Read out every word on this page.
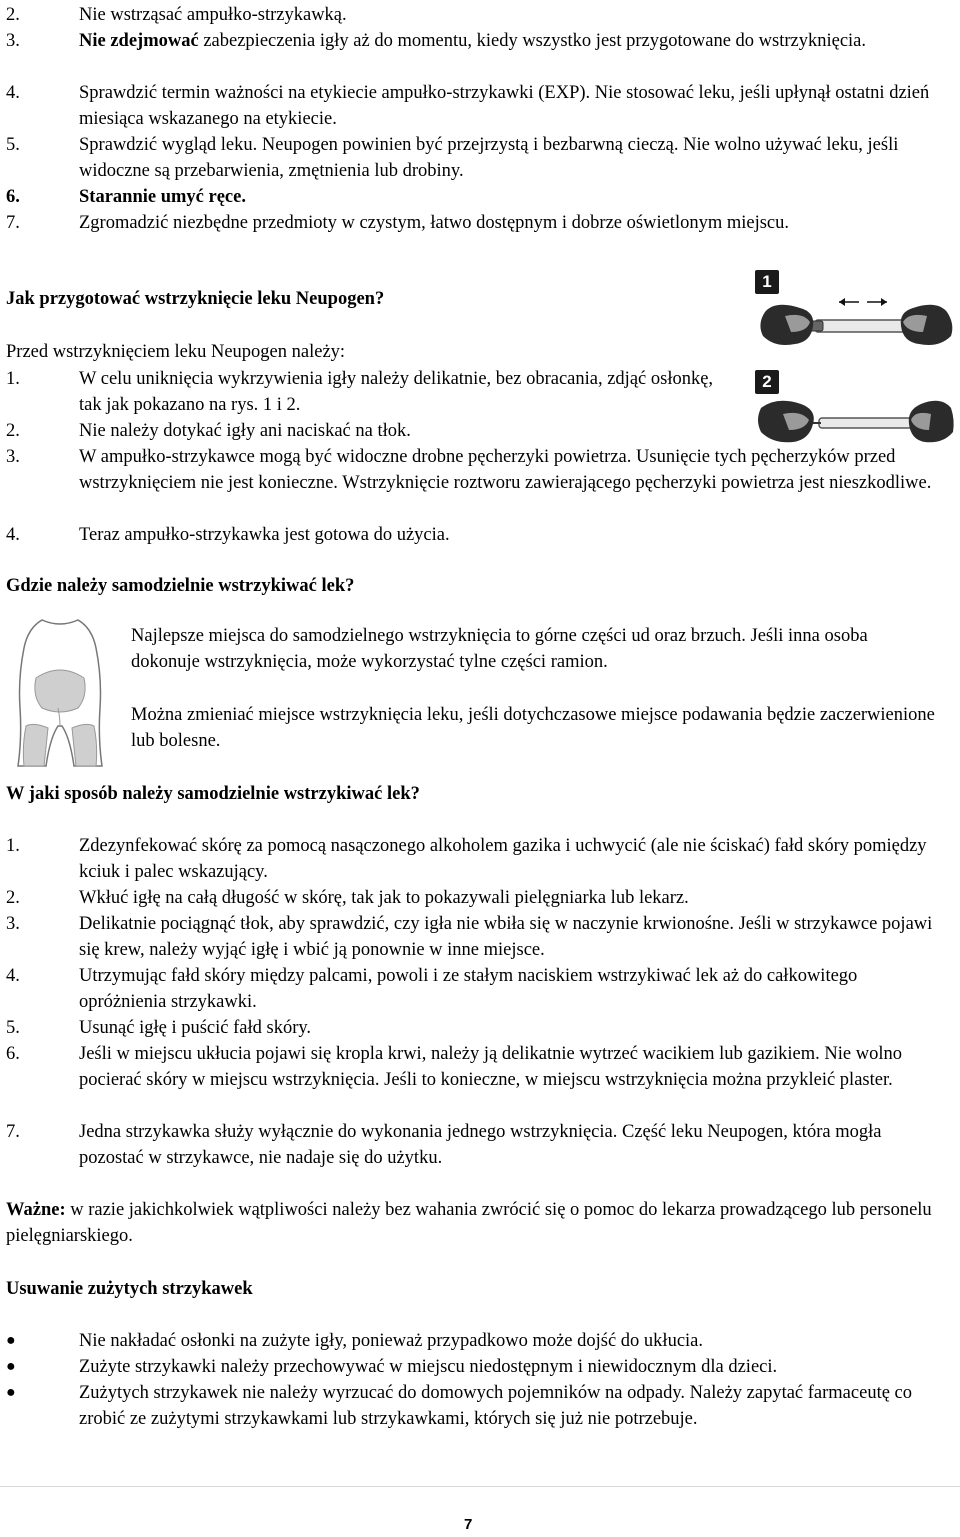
2.	Nie wstrząsać ampułko-strzykawką.
3.	Nie zdejmować zabezpieczenia igły aż do momentu, kiedy wszystko jest przygotowane do wstrzyknięcia.
4.	Sprawdzić termin ważności na etykiecie ampułko-strzykawki (EXP). Nie stosować leku, jeśli upłynął ostatni dzień miesiąca wskazanego na etykiecie.
5.	Sprawdzić wygląd leku. Neupogen powinien być przejrzystą i bezbarwną cieczą. Nie wolno używać leku, jeśli widoczne są przebarwienia, zmętnienia lub drobiny.
6.	Starannie umyć ręce.
7.	Zgromadzić niezbędne przedmioty w czystym, łatwo dostępnym i dobrze oświetlonym miejscu.
Jak przygotować wstrzyknięcie leku Neupogen?
Przed wstrzyknięciem leku Neupogen należy:
1.	W celu uniknięcia wykrzywienia igły należy delikatnie, bez obracania, zdjąć osłonkę, tak jak pokazano na rys. 1 i 2.
2.	Nie należy dotykać igły ani naciskać na tłok.
3.	W ampułko-strzykawce mogą być widoczne drobne pęcherzyki powietrza. Usunięcie tych pęcherzyków przed wstrzyknięciem nie jest konieczne. Wstrzyknięcie roztworu zawierającego pęcherzyki powietrza jest nieszkodliwe.
4.	Teraz ampułko-strzykawka jest gotowa do użycia.
1
2
Gdzie należy samodzielnie wstrzykiwać lek?
Najlepsze miejsca do samodzielnego wstrzyknięcia to górne części ud oraz brzuch. Jeśli inna osoba dokonuje wstrzyknięcia, może wykorzystać tylne części ramion.
Można zmieniać miejsce wstrzyknięcia leku, jeśli dotychczasowe miejsce podawania będzie zaczerwienione lub bolesne.
W jaki sposób należy samodzielnie wstrzykiwać lek?
1.	Zdezynfekować skórę za pomocą nasączonego alkoholem gazika i uchwycić (ale nie ściskać) fałd skóry pomiędzy kciuk i palec wskazujący.
2.	Wkłuć igłę na całą długość w skórę, tak jak to pokazywali pielęgniarka lub lekarz.
3.	Delikatnie pociągnąć tłok, aby sprawdzić, czy igła nie wbiła się w naczynie krwionośne. Jeśli w strzykawce pojawi się krew, należy wyjąć igłę i wbić ją ponownie w inne miejsce.
4.	Utrzymując fałd skóry między palcami, powoli i ze stałym naciskiem wstrzykiwać lek aż do całkowitego opróżnienia strzykawki.
5.	Usunąć igłę i puścić fałd skóry.
6.	Jeśli w miejscu ukłucia pojawi się kropla krwi, należy ją delikatnie wytrzeć wacikiem lub gazikiem. Nie wolno pocierać skóry w miejscu wstrzyknięcia. Jeśli to konieczne, w miejscu wstrzyknięcia można przykleić plaster.
7.	Jedna strzykawka służy wyłącznie do wykonania jednego wstrzyknięcia. Część leku Neupogen, która mogła pozostać w strzykawce, nie nadaje się do użytku.
Ważne: w razie jakichkolwiek wątpliwości należy bez wahania zwrócić się o pomoc do lekarza prowadzącego lub personelu pielęgniarskiego.
Usuwanie zużytych strzykawek
●	Nie nakładać osłonki na zużyte igły, ponieważ przypadkowo może dojść do ukłucia.
●	Zużyte strzykawki należy przechowywać w miejscu niedostępnym i niewidocznym dla dzieci.
●	Zużytych strzykawek nie należy wyrzucać do domowych pojemników na odpady. Należy zapytać farmaceutę co zrobić ze zużytymi strzykawkami lub strzykawkami, których się już nie potrzebuje.
7
